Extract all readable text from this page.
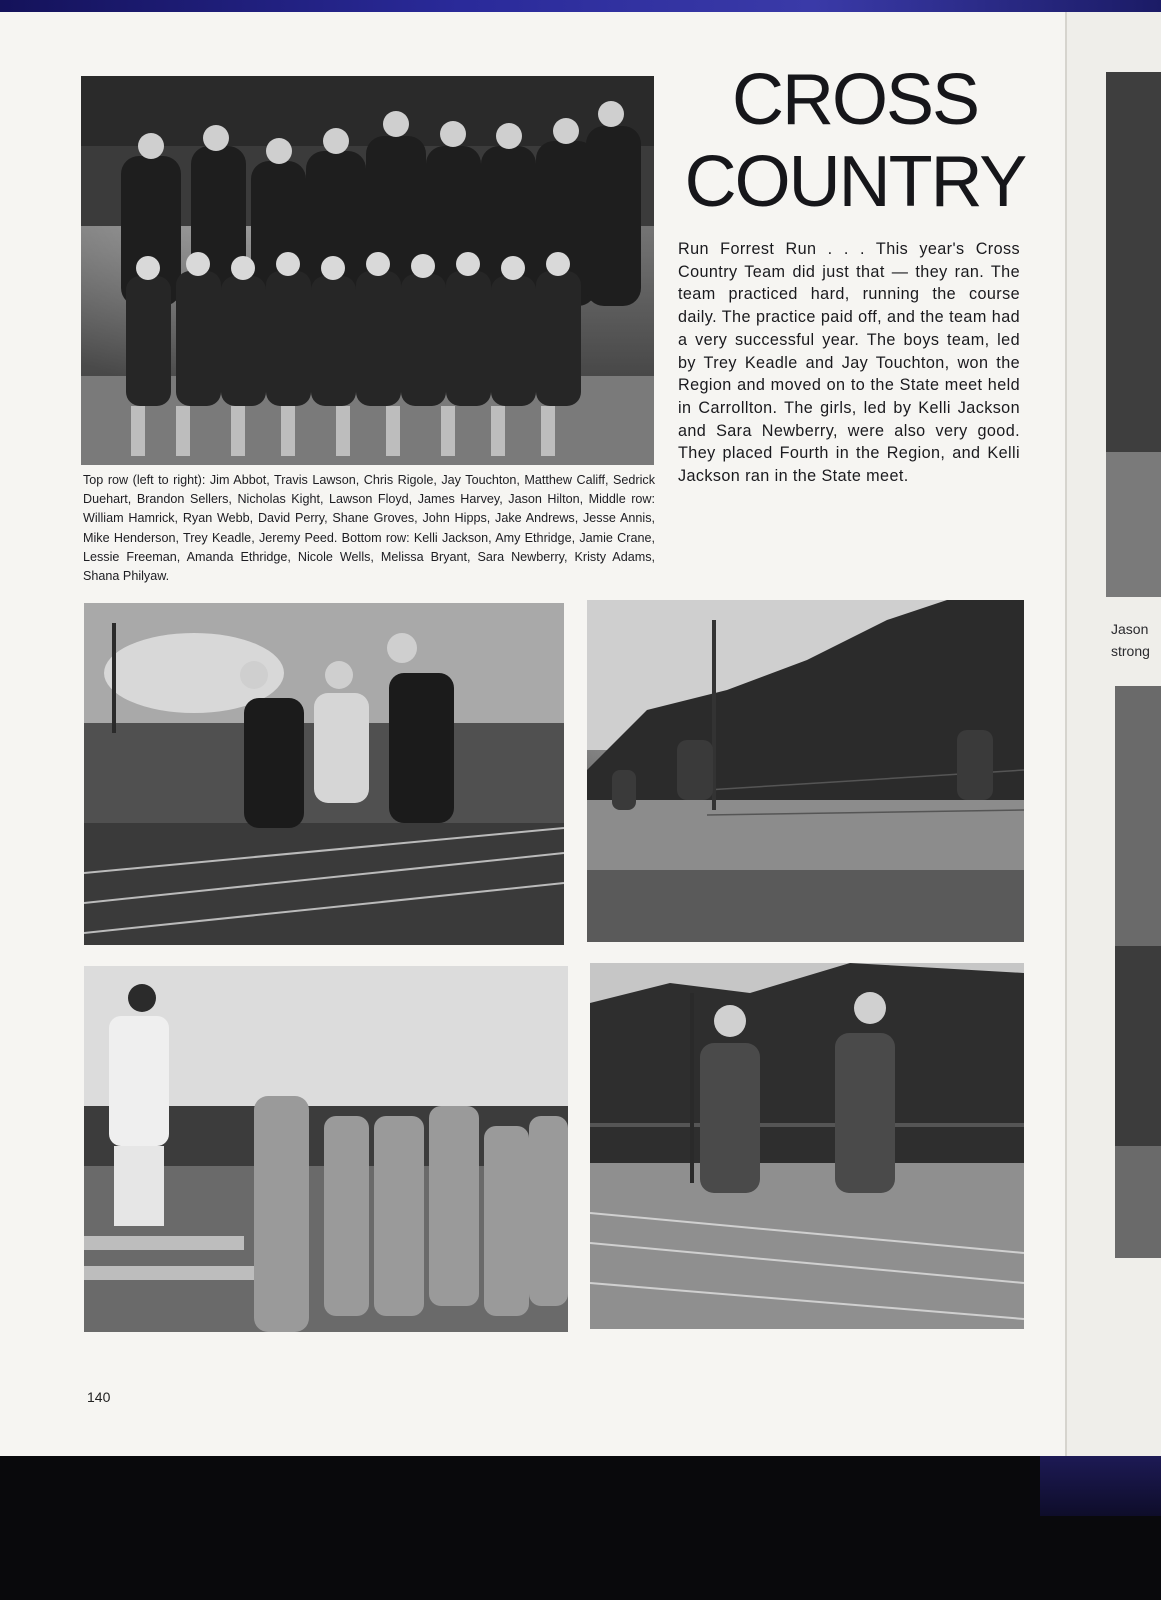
CROSS
COUNTRY
Run Forrest Run . . . This year's Cross Country Team did just that — they ran. The team practiced hard, running the course daily. The practice paid off, and the team had a very successful year. The boys team, led by Trey Keadle and Jay Touchton, won the Region and moved on to the State meet held in Carrollton. The girls, led by Kelli Jackson and Sara Newberry, were also very good. They placed Fourth in the Region, and Kelli Jackson ran in the State meet.
Top row (left to right): Jim Abbot, Travis Lawson, Chris Rigole, Jay Touchton, Matthew Califf, Sedrick Duehart, Brandon Sellers, Nicholas Kight, Lawson Floyd, James Harvey, Jason Hilton, Middle row: William Hamrick, Ryan Webb, David Perry, Shane Groves, John Hipps, Jake Andrews, Jesse Annis, Mike Henderson, Trey Keadle, Jeremy Peed. Bottom row: Kelli Jackson, Amy Ethridge, Jamie Crane, Lessie Freeman, Amanda Ethridge, Nicole Wells, Melissa Bryant, Sara Newberry, Kristy Adams, Shana Philyaw.
140
Jason
strong
